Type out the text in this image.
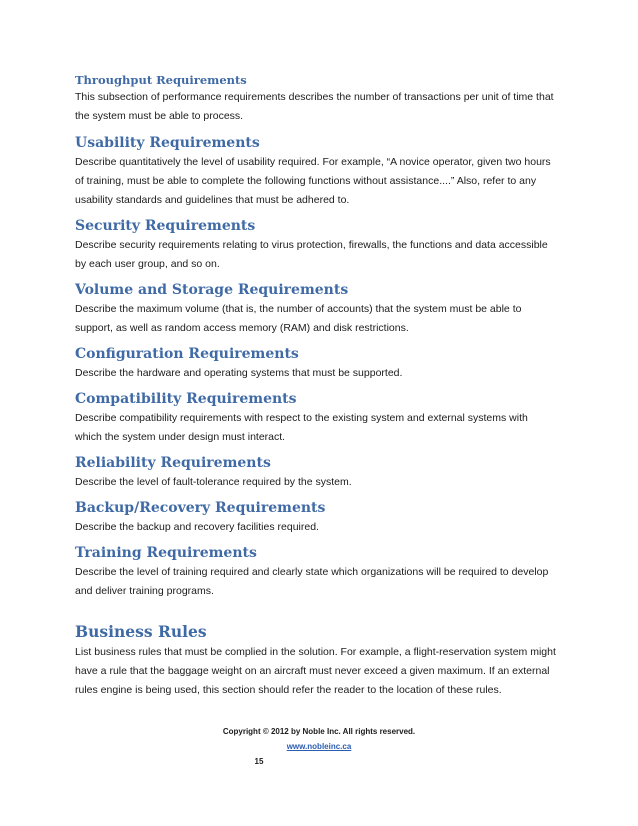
Throughput Requirements

This subsection of performance requirements describes the number of transactions per unit of time that
the system must be able to process.

Usability Requirements

Describe quantitatively the level of usability required. For example, “A novice operator, given two hours
of training, must be able to complete the following functions without assistance....” Also, refer to any
usability standards and guidelines that must be adhered to.

Security Requirements

Describe security requirements relating to virus protection, firewalls, the functions and data accessible
by each user group, and so on.

Volume and Storage Requirements

Describe the maximum volume (that is, the number of accounts) that the system must be able to
support, as well as random access memory (RAM) and disk restrictions.

Configuration Requirements

Describe the hardware and operating systems that must be supported.

Compatibility Requirements

Describe compatibility requirements with respect to the existing system and external systems with
which the system under design must interact.

Reliability Requirements

Describe the level of fault-tolerance required by the system.

Backup/Recovery Requirements

Describe the backup and recovery facilities required.

Training Requirements

Describe the level of training required and clearly state which organizations will be required to develop
and deliver training programs.

Business Rules

List business rules that must be complied in the solution. For example, a flight-reservation system might
have a rule that the baggage weight on an aircraft must never exceed a given maximum. If an external
rules engine is being used, this section should refer the reader to the location of these rules.

Copyright © 2012 by Noble Inc. All rights reserved.
www.nobleinc.ca
15
